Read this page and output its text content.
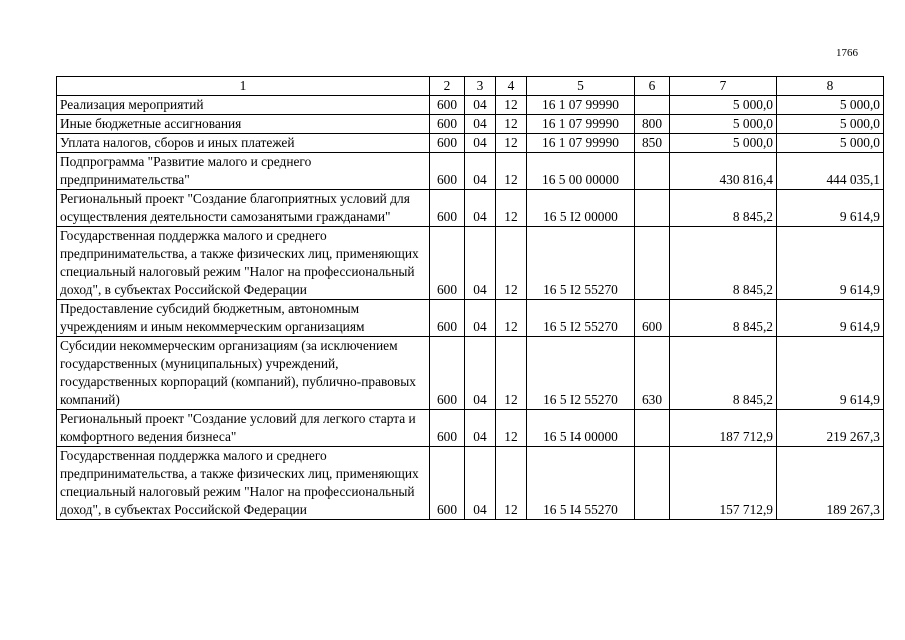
1766
1	2	3	4	5	6	7	8
Реализация мероприятий	600	04	12	16 1 07 99990		5 000,0	5 000,0
Иные бюджетные ассигнования	600	04	12	16 1 07 99990	800	5 000,0	5 000,0
Уплата налогов, сборов и иных платежей	600	04	12	16 1 07 99990	850	5 000,0	5 000,0
Подпрограмма "Развитие малого и среднего предпринимательства"	600	04	12	16 5 00 00000		430 816,4	444 035,1
Региональный проект "Создание благоприятных условий для осуществления деятельности самозанятыми гражданами"	600	04	12	16 5 I2 00000		8 845,2	9 614,9
Государственная поддержка малого и среднего предпринимательства, а также физических лиц, применяющих специальный налоговый режим "Налог на профессиональный доход", в субъектах Российской Федерации	600	04	12	16 5 I2 55270		8 845,2	9 614,9
Предоставление субсидий бюджетным, автономным учреждениям и иным некоммерческим организациям	600	04	12	16 5 I2 55270	600	8 845,2	9 614,9
Субсидии некоммерческим организациям (за исключением государственных (муниципальных) учреждений, государственных корпораций (компаний), публично-правовых компаний)	600	04	12	16 5 I2 55270	630	8 845,2	9 614,9
Региональный проект "Создание условий для легкого старта и комфортного ведения бизнеса"	600	04	12	16 5 I4 00000		187 712,9	219 267,3
Государственная поддержка малого и среднего предпринимательства, а также физических лиц, применяющих специальный налоговый режим "Налог на профессиональный доход", в субъектах Российской Федерации	600	04	12	16 5 I4 55270		157 712,9	189 267,3
